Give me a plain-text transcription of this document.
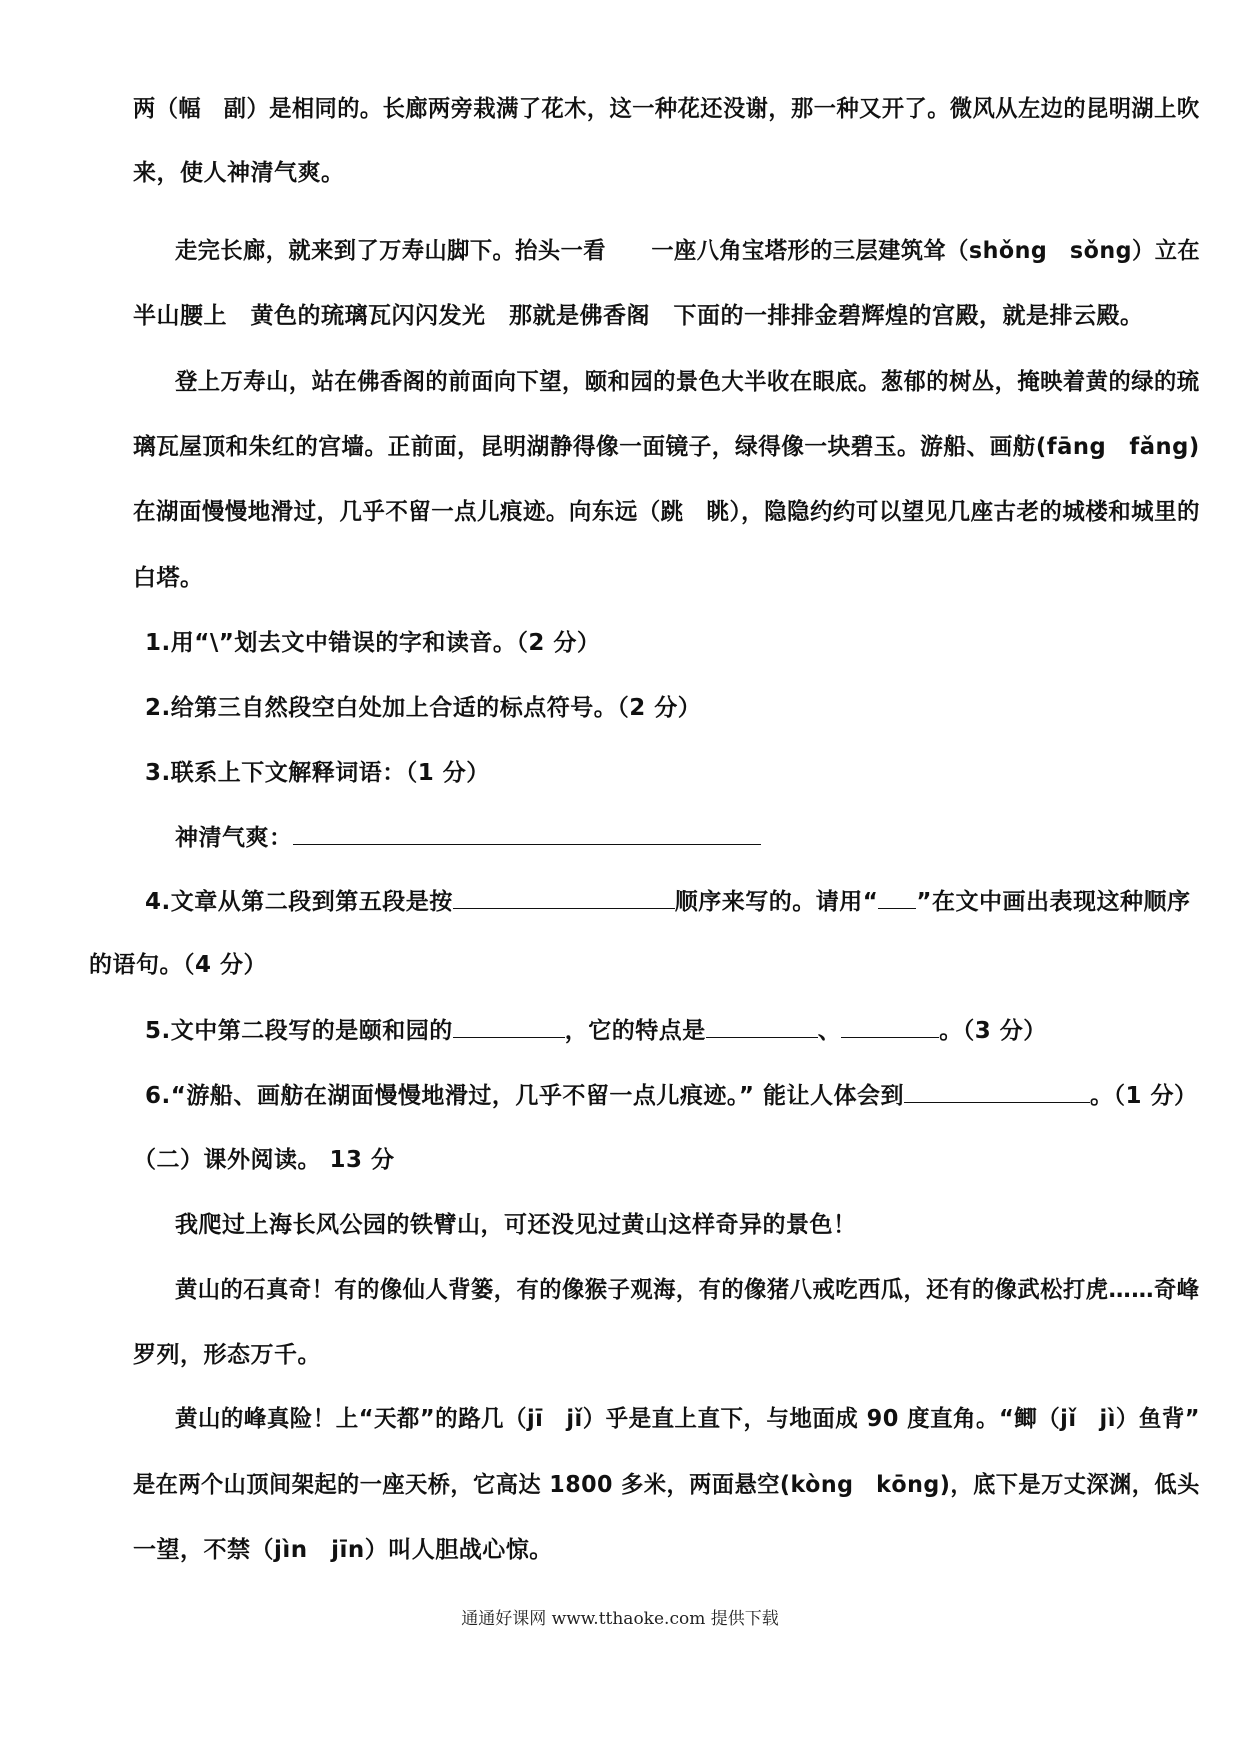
两（幅　副）是相同的。长廊两旁栽满了花木，这一种花还没谢，那一种又开了。微风从左边的昆明湖上吹
来，使人神清气爽。
走完长廊，就来到了万寿山脚下。抬头一看　　一座八角宝塔形的三层建筑耸（shǒng　sǒng）立在
半山腰上　黄色的琉璃瓦闪闪发光　那就是佛香阁　下面的一排排金碧辉煌的宫殿，就是排云殿。
登上万寿山，站在佛香阁的前面向下望，颐和园的景色大半收在眼底。葱郁的树丛，掩映着黄的绿的琉
璃瓦屋顶和朱红的宫墙。正前面，昆明湖静得像一面镜子，绿得像一块碧玉。游船、画舫(fāng　fǎng)
在湖面慢慢地滑过，几乎不留一点儿痕迹。向东远（跳　眺），隐隐约约可以望见几座古老的城楼和城里的
白塔。
1.用“\”划去文中错误的字和读音。（2 分）
2.给第三自然段空白处加上合适的标点符号。（2 分）
3.联系上下文解释词语：（1 分）
神清气爽：
4.文章从第二段到第五段是按	顺序来写的。请用“ ”在文中画出表现这种顺序
的语句。（4 分）
5.文中第二段写的是颐和园的	，它的特点是	、	。（3 分）
6.“游船、画舫在湖面慢慢地滑过，几乎不留一点儿痕迹。” 能让人体会到	。（1 分）
（二）课外阅读。 13 分
我爬过上海长风公园的铁臂山，可还没见过黄山这样奇异的景色！
黄山的石真奇！有的像仙人背篓，有的像猴子观海，有的像猪八戒吃西瓜，还有的像武松打虎……奇峰
罗列，形态万千。
黄山的峰真险！上“天都”的路几（jī　jǐ）乎是直上直下，与地面成 90 度直角。“鲫（jǐ　jì）鱼背”
是在两个山顶间架起的一座天桥，它高达 1800 多米，两面悬空(kòng　kōng)，底下是万丈深渊，低头
一望，不禁（jìn　jīn）叫人胆战心惊。
通通好课网 www.tthaoke.com 提供下载
